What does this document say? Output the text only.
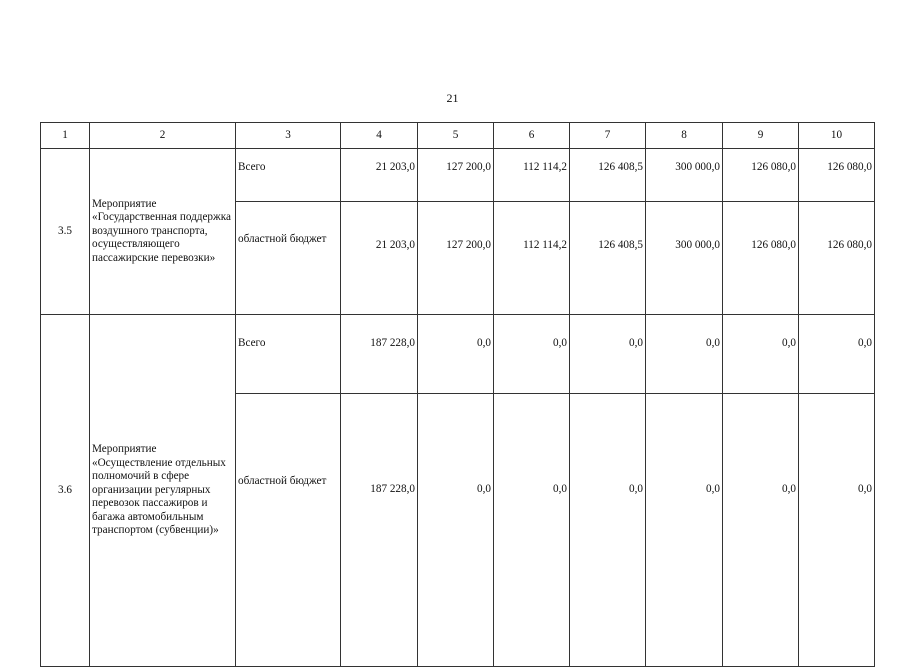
21
1	2	3	4	5	6	7	8	9	10
3.5	Мероприятие «Государственная поддержка воздушного транспорта, осуществляющего пассажирские перевозки»	Всего	21 203,0	127 200,0	112 114,2	126 408,5	300 000,0	126 080,0	126 080,0
		областной бюджет	21 203,0	127 200,0	112 114,2	126 408,5	300 000,0	126 080,0	126 080,0
3.6	Мероприятие «Осуществление отдельных полномочий в сфере организации регулярных перевозок пассажиров и багажа автомобильным транспортом (субвенции)»	Всего	187 228,0	0,0	0,0	0,0	0,0	0,0	0,0
		областной бюджет	187 228,0	0,0	0,0	0,0	0,0	0,0	0,0
